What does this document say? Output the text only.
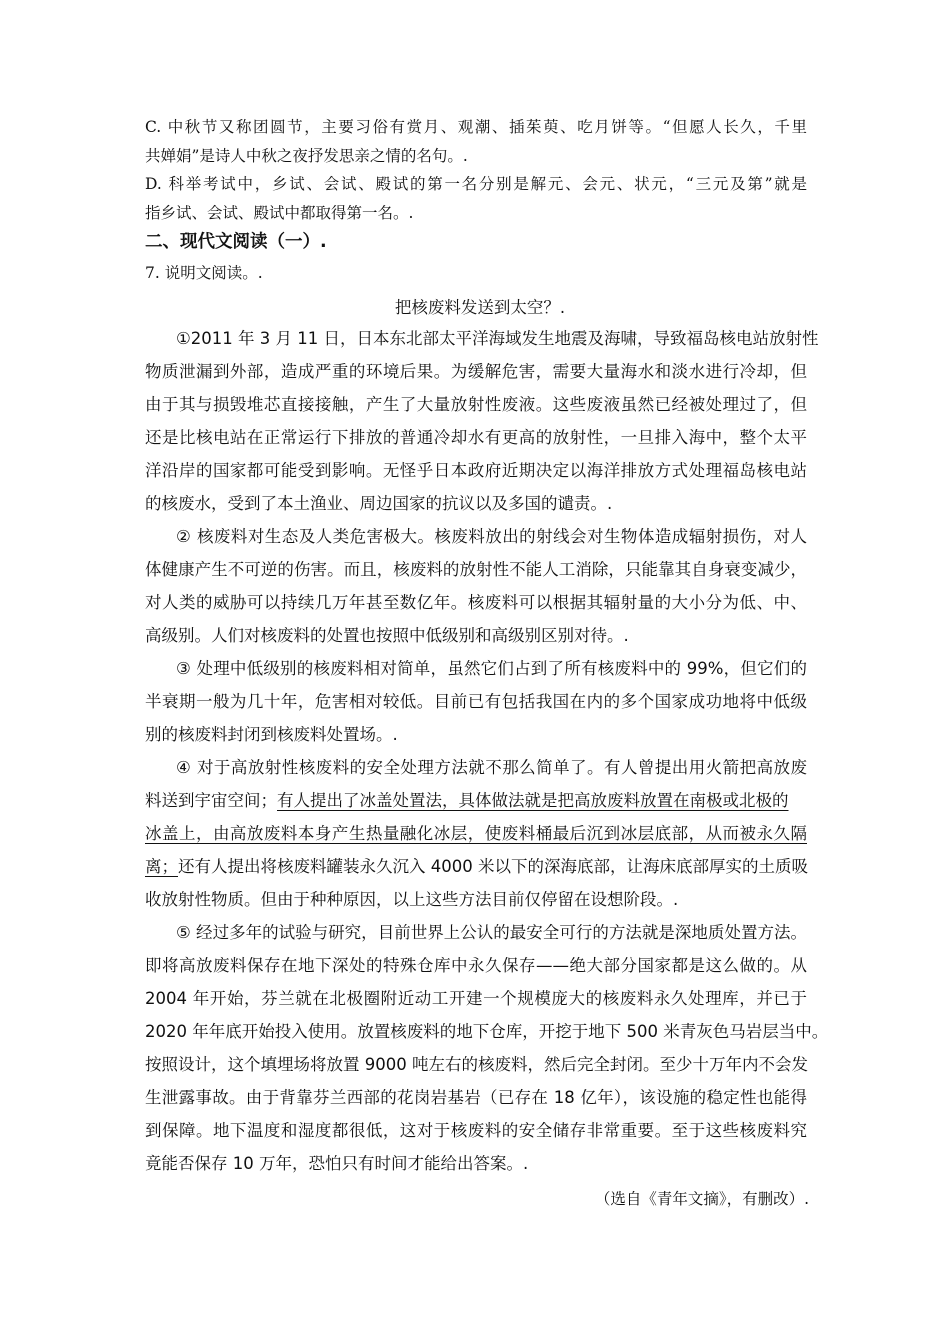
C. 中秋节又称团圆节，主要习俗有赏月、观潮、插茱萸、吃月饼等。“但愿人长久，千里
共婵娟”是诗人中秋之夜抒发思亲之情的名句。.
D. 科举考试中，乡试、会试、殿试的第一名分别是解元、会元、状元，“三元及第”就是
指乡试、会试、殿试中都取得第一名。.
二、现代文阅读（一）.
7. 说明文阅读。.
把核废料发送到太空？.
①2011 年 3 月 11 日，日本东北部太平洋海域发生地震及海啸，导致福岛核电站放射性
物质泄漏到外部，造成严重的环境后果。为缓解危害，需要大量海水和淡水进行冷却，但
由于其与损毁堆芯直接接触，产生了大量放射性废液。这些废液虽然已经被处理过了，但
还是比核电站在正常运行下排放的普通冷却水有更高的放射性，一旦排入海中，整个太平
洋沿岸的国家都可能受到影响。无怪乎日本政府近期决定以海洋排放方式处理福岛核电站
的核废水，受到了本土渔业、周边国家的抗议以及多国的谴责。.
② 核废料对生态及人类危害极大。核废料放出的射线会对生物体造成辐射损伤，对人
体健康产生不可逆的伤害。而且，核废料的放射性不能人工消除，只能靠其自身衰变减少，
对人类的威胁可以持续几万年甚至数亿年。核废料可以根据其辐射量的大小分为低、中、
高级别。人们对核废料的处置也按照中低级别和高级别区别对待。.
③ 处理中低级别的核废料相对简单，虽然它们占到了所有核废料中的 99%，但它们的
半衰期一般为几十年，危害相对较低。目前已有包括我国在内的多个国家成功地将中低级
别的核废料封闭到核废料处置场。.
④ 对于高放射性核废料的安全处理方法就不那么简单了。有人曾提出用火箭把高放废
料送到宇宙空间；有人提出了冰盖处置法，具体做法就是把高放废料放置在南极或北极的
冰盖上，由高放废料本身产生热量融化冰层，使废料桶最后沉到冰层底部，从而被永久隔
离；还有人提出将核废料罐装永久沉入 4000 米以下的深海底部，让海床底部厚实的土质吸
收放射性物质。但由于种种原因，以上这些方法目前仅停留在设想阶段。.
⑤ 经过多年的试验与研究，目前世界上公认的最安全可行的方法就是深地质处置方法。
即将高放废料保存在地下深处的特殊仓库中永久保存——绝大部分国家都是这么做的。从
2004 年开始，芬兰就在北极圈附近动工开建一个规模庞大的核废料永久处理库，并已于
2020 年年底开始投入使用。放置核废料的地下仓库，开挖于地下 500 米青灰色马岩层当中。
按照设计，这个填埋场将放置 9000 吨左右的核废料，然后完全封闭。至少十万年内不会发
生泄露事故。由于背靠芬兰西部的花岗岩基岩（已存在 18 亿年），该设施的稳定性也能得
到保障。地下温度和湿度都很低，这对于核废料的安全储存非常重要。至于这些核废料究
竟能否保存 10 万年，恐怕只有时间才能给出答案。.
（选自《青年文摘》，有删改）.
